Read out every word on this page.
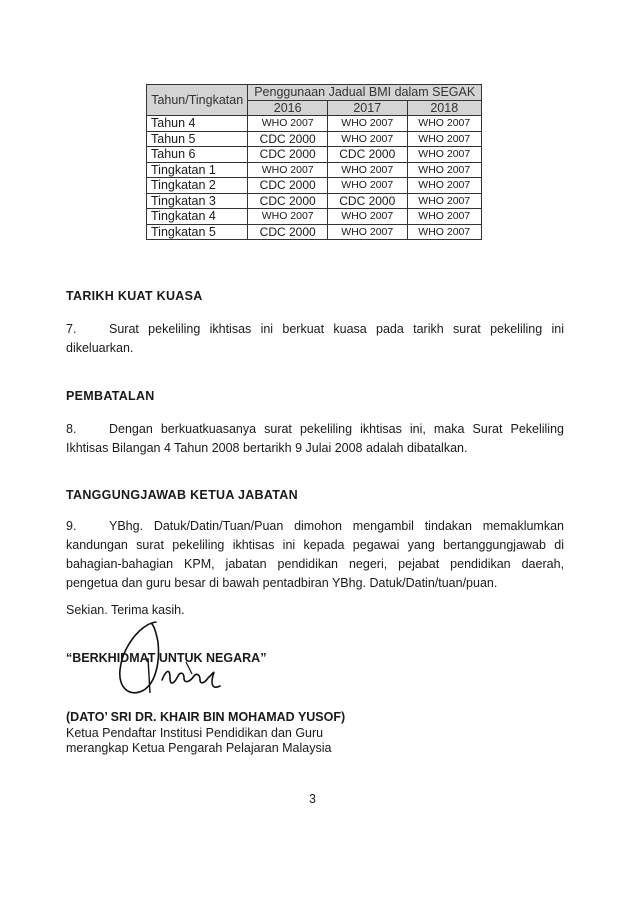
Tahun/Tingkatan	Penggunaan Jadual BMI dalam SEGAK		
	2016	2017	2018
Tahun 4	WHO 2007	WHO 2007	WHO 2007
Tahun 5	CDC 2000	WHO 2007	WHO 2007
Tahun 6	CDC 2000	CDC 2000	WHO 2007
Tingkatan 1	WHO 2007	WHO 2007	WHO 2007
Tingkatan 2	CDC 2000	WHO 2007	WHO 2007
Tingkatan 3	CDC 2000	CDC 2000	WHO 2007
Tingkatan 4	WHO 2007	WHO 2007	WHO 2007
Tingkatan 5	CDC 2000	WHO 2007	WHO 2007
TARIKH KUAT KUASA
7.	Surat pekeliling ikhtisas ini berkuat kuasa pada tarikh surat pekeliling ini dikeluarkan.
PEMBATALAN
8.	Dengan berkuatkuasanya surat pekeliling ikhtisas ini, maka Surat Pekeliling Ikhtisas Bilangan 4 Tahun 2008 bertarikh 9 Julai 2008 adalah dibatalkan.
TANGGUNGJAWAB KETUA JABATAN
9.	YBhg. Datuk/Datin/Tuan/Puan dimohon mengambil tindakan memaklumkan kandungan surat pekeliling ikhtisas ini kepada pegawai yang bertanggungjawab di bahagian-bahagian KPM, jabatan pendidikan negeri, pejabat pendidikan daerah, pengetua dan guru besar di bawah pentadbiran YBhg. Datuk/Datin/tuan/puan.
Sekian. Terima kasih.
“BERKHIDMAT UNTUK NEGARA”
(DATO’ SRI DR. KHAIR BIN MOHAMAD YUSOF)
Ketua Pendaftar Institusi Pendidikan dan Guru
merangkap Ketua Pengarah Pelajaran Malaysia
3
